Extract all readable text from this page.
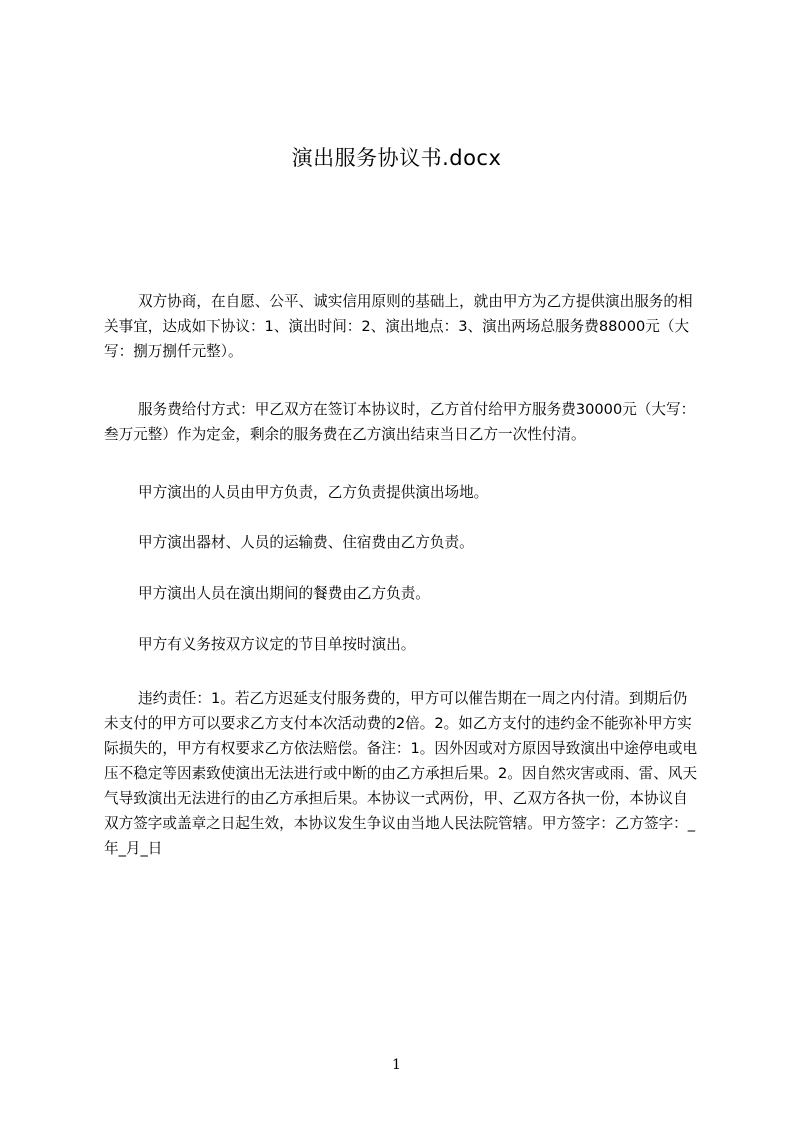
演出服务协议书.docx
双方协商，在自愿、公平、诚实信用原则的基础上，就由甲方为乙方提供演出服务的相关事宜，达成如下协议：1、演出时间：2、演出地点：3、演出两场总服务费88000元（大写：捌万捌仟元整）。
服务费给付方式：甲乙双方在签订本协议时，乙方首付给甲方服务费30000元（大写：叁万元整）作为定金，剩余的服务费在乙方演出结束当日乙方一次性付清。
甲方演出的人员由甲方负责，乙方负责提供演出场地。
甲方演出器材、人员的运输费、住宿费由乙方负责。
甲方演出人员在演出期间的餐费由乙方负责。
甲方有义务按双方议定的节目单按时演出。
违约责任：1。若乙方迟延支付服务费的，甲方可以催告期在一周之内付清。到期后仍未支付的甲方可以要求乙方支付本次活动费的2倍。2。如乙方支付的违约金不能弥补甲方实际损失的，甲方有权要求乙方依法赔偿。备注：1。因外因或对方原因导致演出中途停电或电压不稳定等因素致使演出无法进行或中断的由乙方承担后果。2。因自然灾害或雨、雷、风天气导致演出无法进行的由乙方承担后果。本协议一式两份，甲、乙双方各执一份，本协议自双方签字或盖章之日起生效，本协议发生争议由当地人民法院管辖。甲方签字：乙方签字：_年_月_日
1
